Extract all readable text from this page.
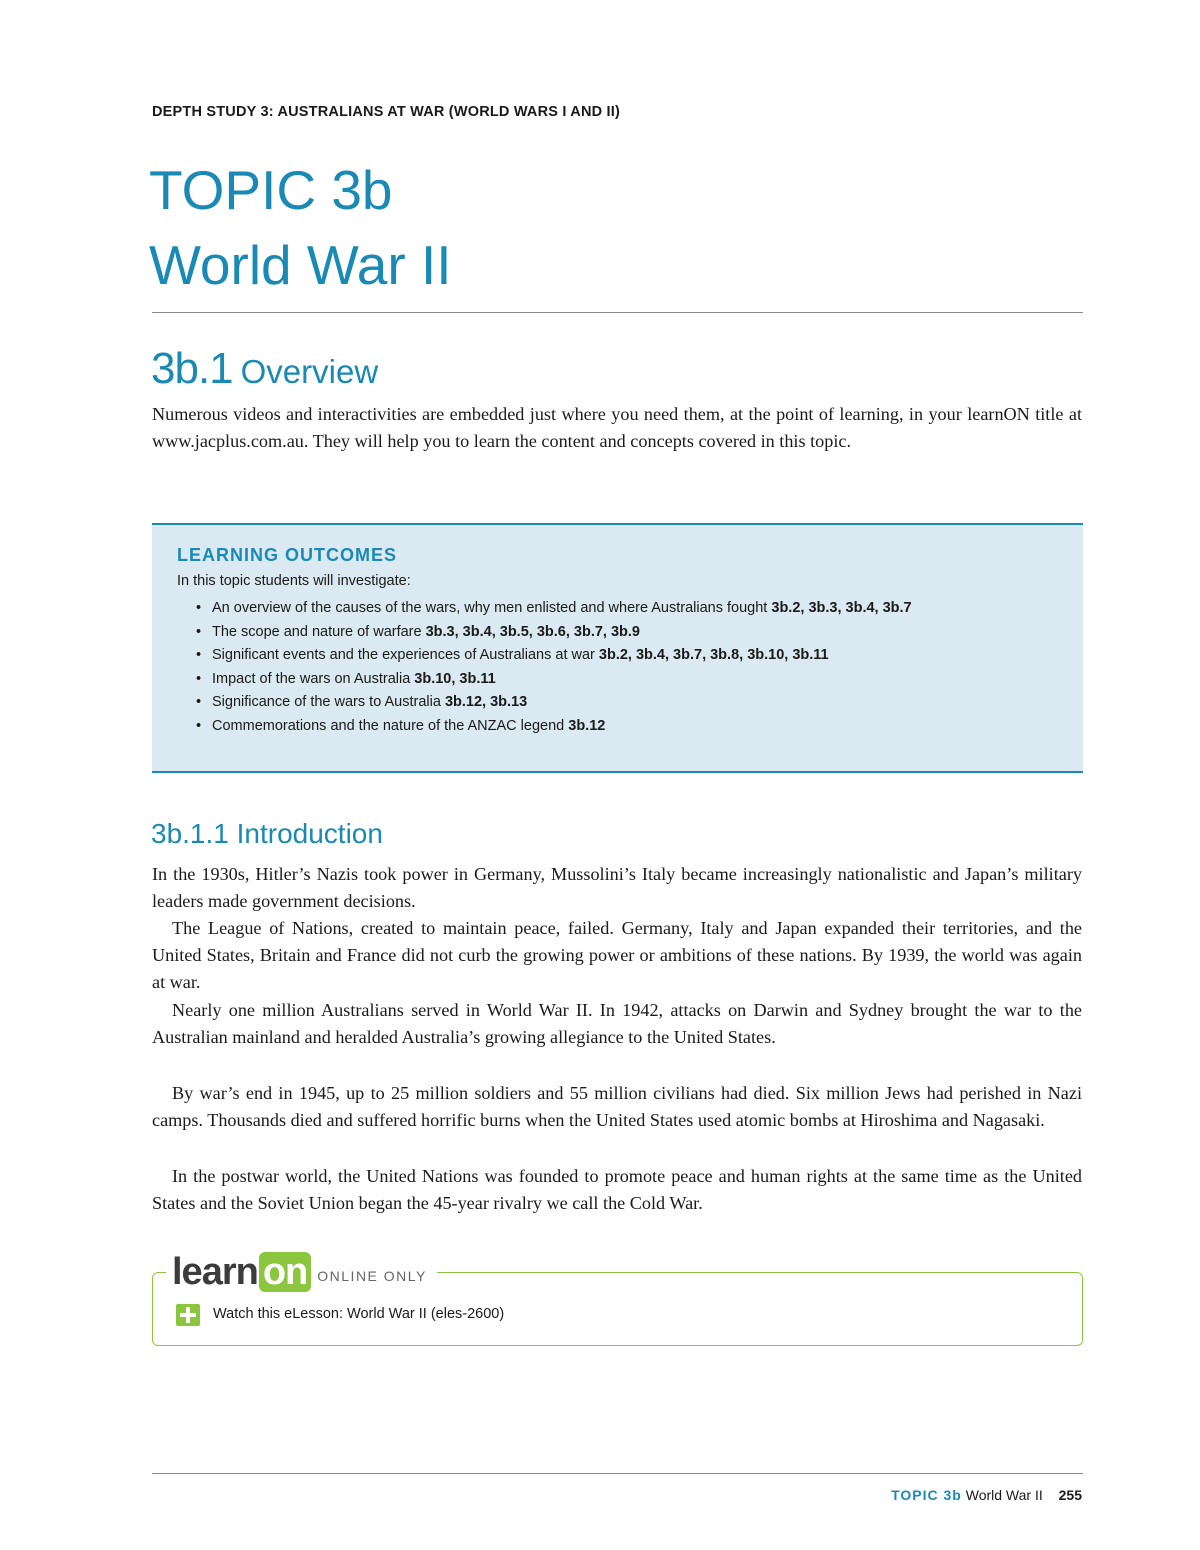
DEPTH STUDY 3: AUSTRALIANS AT WAR (WORLD WARS I AND II)
TOPIC 3b
World War II
3b.1 Overview

Numerous videos and interactivities are embedded just where you need them, at the point of learning, in your learnON title at www.jacplus.com.au. They will help you to learn the content and concepts covered in this topic.

LEARNING OUTCOMES
In this topic students will investigate:
• An overview of the causes of the wars, why men enlisted and where Australians fought 3b.2, 3b.3, 3b.4, 3b.7
• The scope and nature of warfare 3b.3, 3b.4, 3b.5, 3b.6, 3b.7, 3b.9
• Significant events and the experiences of Australians at war 3b.2, 3b.4, 3b.7, 3b.8, 3b.10, 3b.11
• Impact of the wars on Australia 3b.10, 3b.11
• Significance of the wars to Australia 3b.12, 3b.13
• Commemorations and the nature of the ANZAC legend 3b.12
3b.1.1 Introduction

In the 1930s, Hitler’s Nazis took power in Germany, Mussolini’s Italy became increasingly nationalistic and Japan’s military leaders made government decisions.

The League of Nations, created to maintain peace, failed. Germany, Italy and Japan expanded their territories, and the United States, Britain and France did not curb the growing power or ambitions of these nations. By 1939, the world was again at war.

Nearly one million Australians served in World War II. In 1942, attacks on Darwin and Sydney brought the war to the Australian mainland and heralded Australia’s growing allegiance to the United States.

By war’s end in 1945, up to 25 million soldiers and 55 million civilians had died. Six million Jews had perished in Nazi camps. Thousands died and suffered horrific burns when the United States used atomic bombs at Hiroshima and Nagasaki.

In the postwar world, the United Nations was founded to promote peace and human rights at the same time as the United States and the Soviet Union began the 45-year rivalry we call the Cold War.

learn on ONLINE ONLY
Watch this eLesson: World War II (eles-2600)
TOPIC 3b World War II 255
